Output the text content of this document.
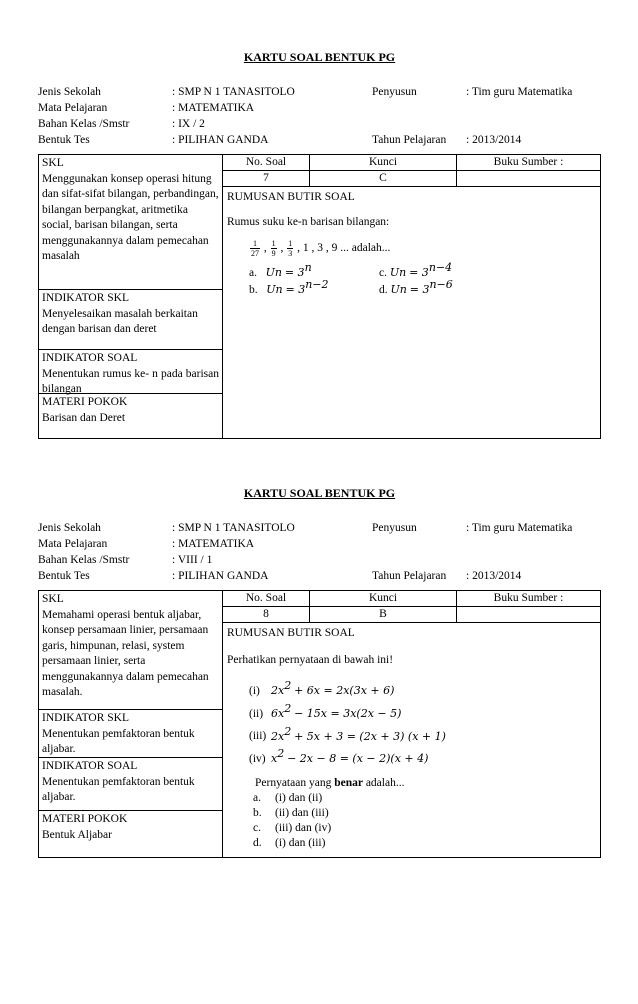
KARTU SOAL BENTUK PG
Jenis Sekolah	: SMP N 1 TANASITOLO	Penyusun	: Tim guru Matematika
Mata Pelajaran	: MATEMATIKA
Bahan Kelas /Smstr	: IX / 2
Bentuk Tes	: PILIHAN GANDA	Tahun Pelajaran : 2013/2014
SKL
Menggunakan konsep operasi hitung dan sifat-sifat bilangan, perbandingan, bilangan berpangkat, aritmetika social, barisan bilangan, serta menggunakannya dalam pemecahan masalah
INDIKATOR SKL
Menyelesaikan masalah berkaitan dengan barisan dan deret
INDIKATOR SOAL
Menentukan rumus ke- n pada barisan bilangan
MATERI POKOK
Barisan dan Deret
No. Soal	Kunci	Buku Sumber :
7	C
RUMUSAN BUTIR SOAL
Rumus suku ke-n barisan bilangan:
$\frac{1}{27}$ , $\frac{1}{9}$ , $\frac{1}{3}$ , 1 , 3 , 9 ... adalah...
a. $Un = 3^n$	c. $Un = 3^{n-4}$
b. $Un = 3^{n-2}$	d. $Un = 3^{n-6}$
KARTU SOAL BENTUK PG
Jenis Sekolah	: SMP N 1 TANASITOLO	Penyusun	: Tim guru Matematika
Mata Pelajaran	: MATEMATIKA
Bahan Kelas /Smstr	: VIII / 1
Bentuk Tes	: PILIHAN GANDA	Tahun Pelajaran : 2013/2014
SKL
Memahami operasi bentuk aljabar, konsep persamaan linier, persamaan garis, himpunan, relasi, system persamaan linier, serta menggunakannya dalam pemecahan masalah.
INDIKATOR SKL
Menentukan pemfaktoran bentuk aljabar.
INDIKATOR SOAL
Menentukan pemfaktoran bentuk aljabar.
MATERI POKOK
Bentuk Aljabar
No. Soal	Kunci	Buku Sumber :
8	B
RUMUSAN BUTIR SOAL
Perhatikan pernyataan di bawah ini!
(i) $2x^2 + 6x = 2x(3x + 6)$
(ii) $6x^2 - 15x = 3x(2x - 5)$
(iii) $2x^2 + 5x + 3 = (2x + 3) (x + 1)$
(iv) $x^2 - 2x - 8 = (x - 2)(x + 4)$
Pernyataan yang benar adalah...
a.	(i) dan (ii)
b.	(ii) dan (iii)
c.	(iii) dan (iv)
d.	(i) dan (iii)
